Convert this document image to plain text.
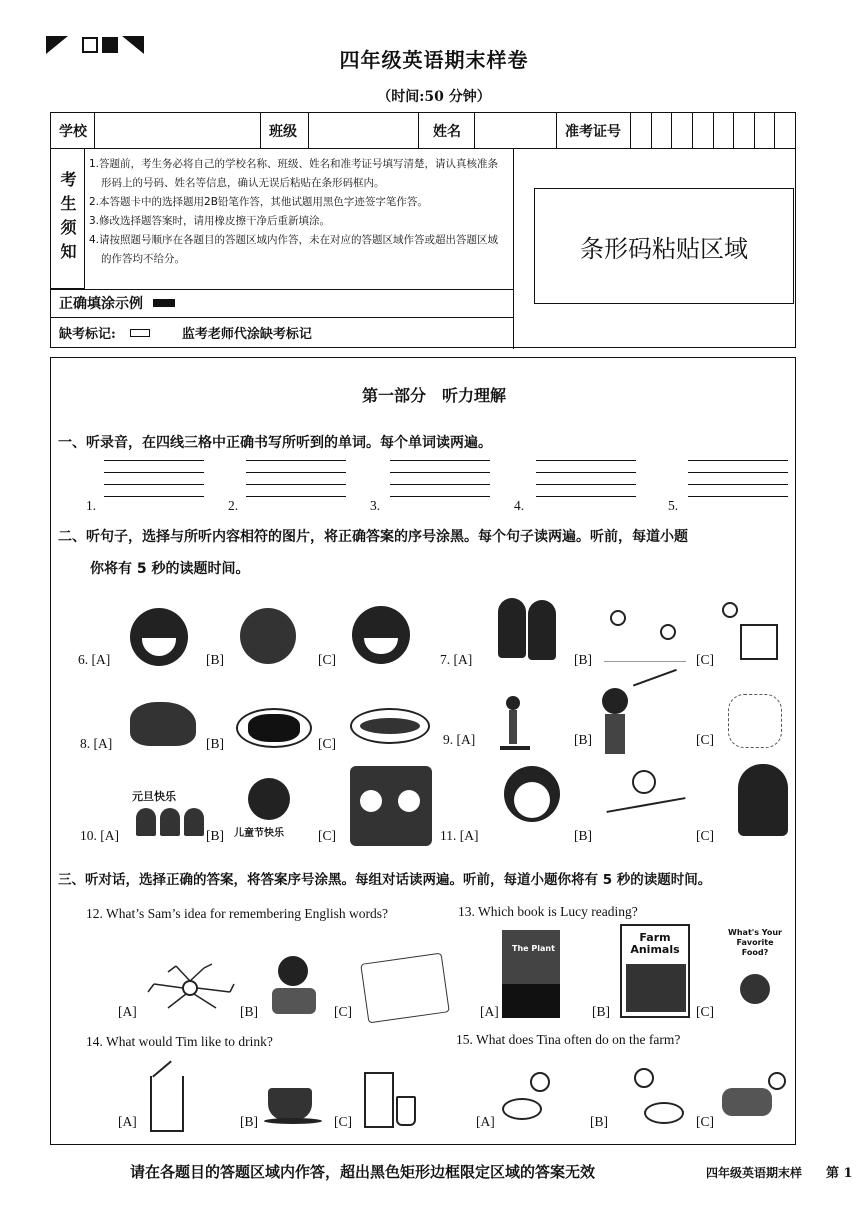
四年级英语期末样卷
（时间:50 分钟）
学校	班级	姓名	准考证号
考生须知
1.答题前，考生务必将自己的学校名称、班级、姓名和准考证号填写清楚，请认真核准条
形码上的号码、姓名等信息，确认无误后粘贴在条形码框内。
2.本答题卡中的选择题用2B铅笔作答，其他试题用黑色字迹签字笔作答。
3.修改选择题答案时，请用橡皮擦干净后重新填涂。
4.请按照题号顺序在各题目的答题区域内作答，未在对应的答题区域作答或超出答题区域
的作答均不给分。
正确填涂示例
缺考标记:	监考老师代涂缺考标记
条形码粘贴区域
第一部分　听力理解
一、听录音，在四线三格中正确书写所听到的单词。每个单词读两遍。
1.	2.	3.	4.	5.
二、听句子，选择与所听内容相符的图片，将正确答案的序号涂黑。每个句子读两遍。听前，每道小题
你将有 5 秒的读题时间。
6. [A]	[B]	[C]	7. [A]	[B]	[C]
8. [A]	[B]	[C]	9. [A]	[B]	[C]
元旦快乐
10. [A]	[B] 儿童节快乐	[C]	11. [A]	[B]	[C]
三、听对话，选择正确的答案，将答案序号涂黑。每组对话读两遍。听前，每道小题你将有 5 秒的读题时间。
12. What’s Sam’s idea for remembering English words?	13. Which book is Lucy reading?
[A]	[B]	[C]	[A]
The Plant
[B]
Farm Animals
[C]
What's Your Favorite Food?
14. What would Tim like to drink?	15. What does Tina often do on the farm?
[A]	[B]	[C]	[A]	[B]	[C]
请在各题目的答题区域内作答，超出黑色矩形边框限定区域的答案无效	四年级英语期末样 第 1
